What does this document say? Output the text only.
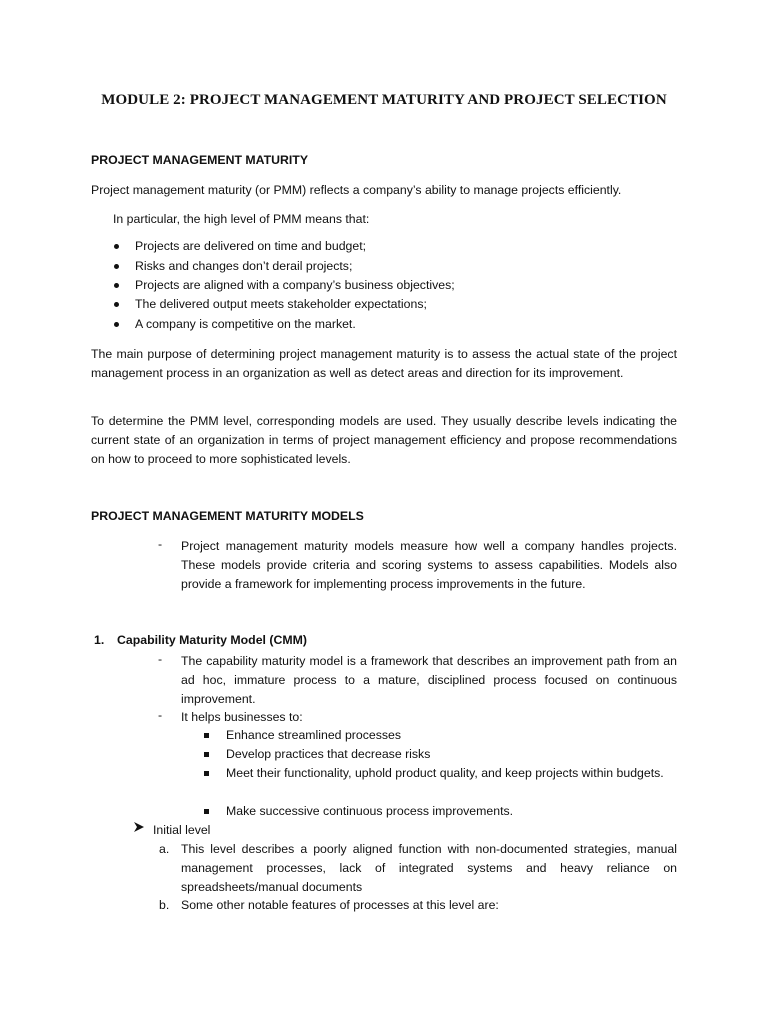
MODULE 2: PROJECT MANAGEMENT MATURITY AND PROJECT SELECTION
PROJECT MANAGEMENT MATURITY
Project management maturity (or PMM) reflects a company’s ability to manage projects efficiently.
In particular, the high level of PMM means that:
Projects are delivered on time and budget;
Risks and changes don’t derail projects;
Projects are aligned with a company’s business objectives;
The delivered output meets stakeholder expectations;
A company is competitive on the market.
The main purpose of determining project management maturity is to assess the actual state of the project management process in an organization as well as detect areas and direction for its improvement.
To determine the PMM level, corresponding models are used. They usually describe levels indicating the current state of an organization in terms of project management efficiency and propose recommendations on how to proceed to more sophisticated levels.
PROJECT MANAGEMENT MATURITY MODELS
- Project management maturity models measure how well a company handles projects. These models provide criteria and scoring systems to assess capabilities. Models also provide a framework for implementing process improvements in the future.
1. Capability Maturity Model (CMM)
- The capability maturity model is a framework that describes an improvement path from an ad hoc, immature process to a mature, disciplined process focused on continuous improvement.
- It helps businesses to:
Enhance streamlined processes
Develop practices that decrease risks
Meet their functionality, uphold product quality, and keep projects within budgets.
Make successive continuous process improvements.
Initial level
a. This level describes a poorly aligned function with non-documented strategies, manual management processes, lack of integrated systems and heavy reliance on spreadsheets/manual documents
b. Some other notable features of processes at this level are:
